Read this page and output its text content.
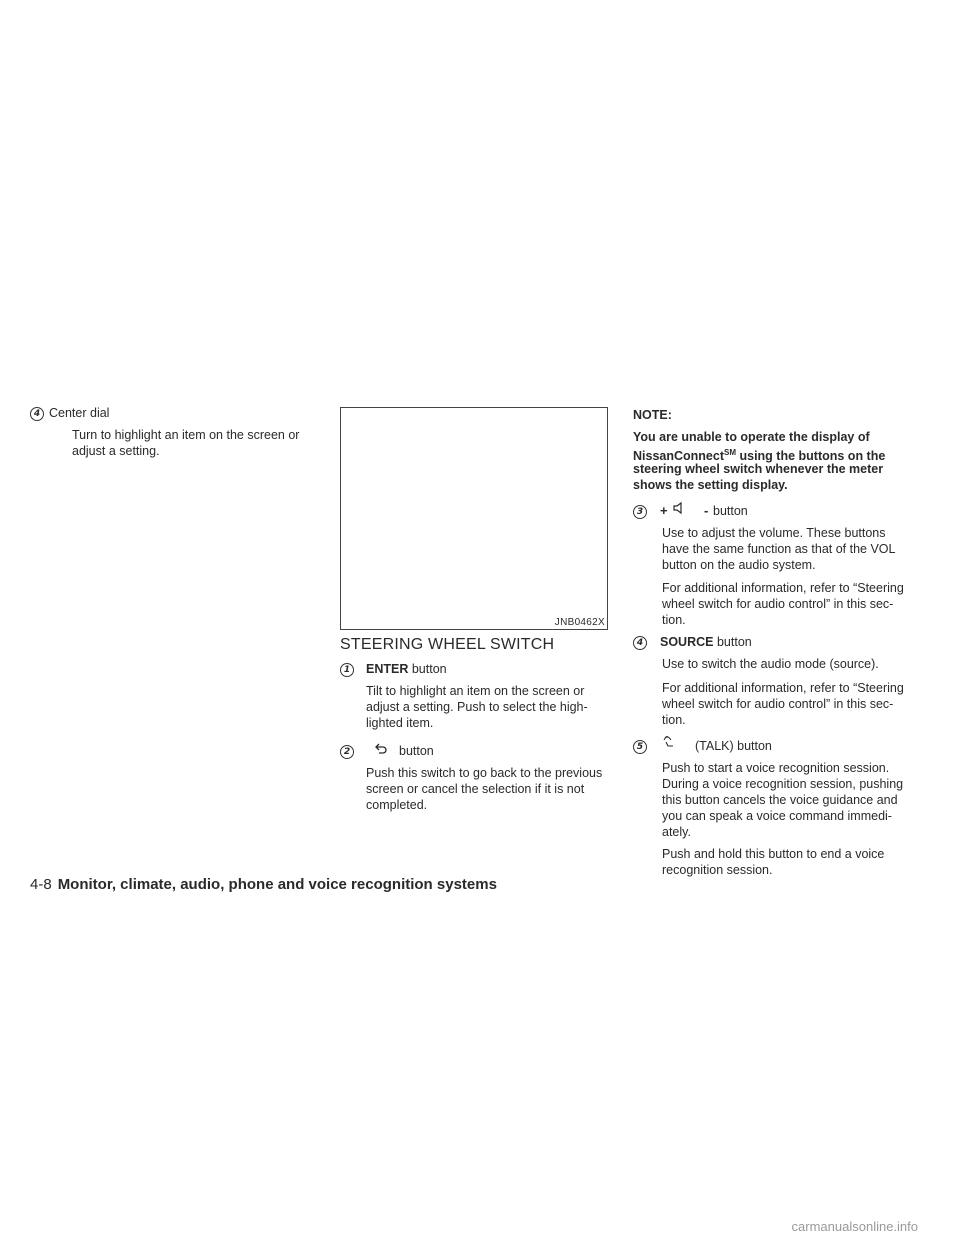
4 Center dial

Turn to highlight an item on the screen or

adjust a setting.

JNB0462X
STEERING WHEEL SWITCH
1	ENTER button

Tilt to highlight an item on the screen or

adjust a setting. Push to select the high-

lighted item.

2	button

Push this switch to go back to the previous

screen or cancel the selection if it is not

completed.

NOTE:

You are unable to operate the display of

NissanConnect℠ using the buttons on the

steering wheel switch whenever the meter

shows the setting display.

3 +	- button

Use to adjust the volume. These buttons

have the same function as that of the VOL

button on the audio system.

For additional information, refer to “Steering

wheel switch for audio control” in this sec-

tion.

4	SOURCE button

Use to switch the audio mode (source).

For additional information, refer to “Steering

wheel switch for audio control” in this sec-

tion.

5	(TALK) button

Push to start a voice recognition session.

During a voice recognition session, pushing

this button cancels the voice guidance and

you can speak a voice command immedi-

ately.

Push and hold this button to end a voice

recognition session.

4-8 Monitor, climate, audio, phone and voice recognition systems
carmanualsonline.info
